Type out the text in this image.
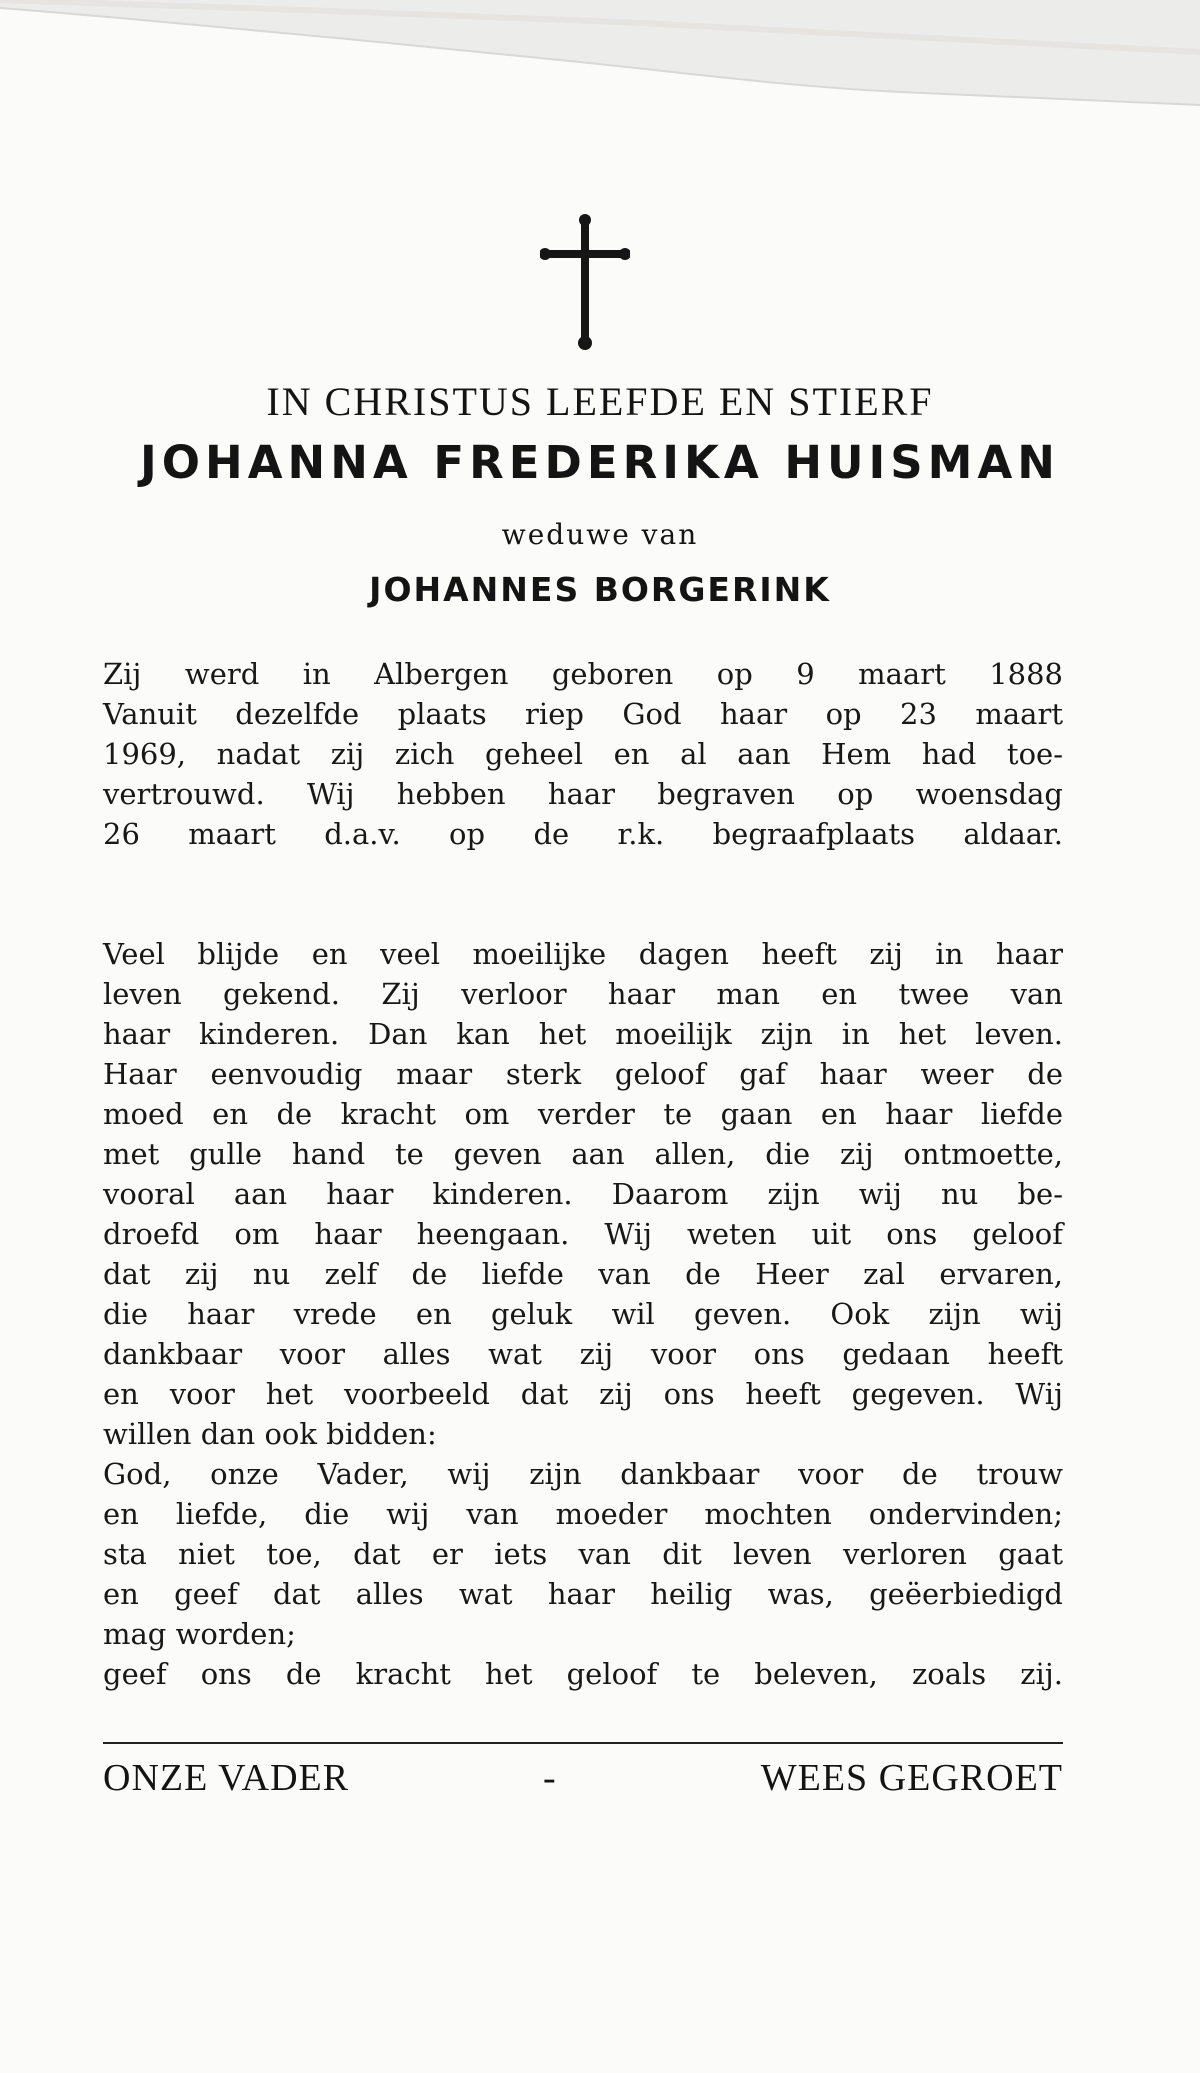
IN CHRISTUS LEEFDE EN STIERF
JOHANNA FREDERIKA HUISMAN
weduwe van
JOHANNES BORGERINK
Zij werd in Albergen geboren op 9 maart 1888
Vanuit dezelfde plaats riep God haar op 23 maart
1969, nadat zij zich geheel en al aan Hem had toe-
vertrouwd. Wij hebben haar begraven op woensdag
26 maart d.a.v. op de r.k. begraafplaats aldaar.
Veel blijde en veel moeilijke dagen heeft zij in haar
leven gekend. Zij verloor haar man en twee van
haar kinderen. Dan kan het moeilijk zijn in het leven.
Haar eenvoudig maar sterk geloof gaf haar weer de
moed en de kracht om verder te gaan en haar liefde
met gulle hand te geven aan allen, die zij ontmoette,
vooral aan haar kinderen. Daarom zijn wij nu be-
droefd om haar heengaan. Wij weten uit ons geloof
dat zij nu zelf de liefde van de Heer zal ervaren,
die haar vrede en geluk wil geven. Ook zijn wij
dankbaar voor alles wat zij voor ons gedaan heeft
en voor het voorbeeld dat zij ons heeft gegeven. Wij
willen dan ook bidden:
God, onze Vader, wij zijn dankbaar voor de trouw
en liefde, die wij van moeder mochten ondervinden;
sta niet toe, dat er iets van dit leven verloren gaat
en geef dat alles wat haar heilig was, geëerbiedigd
mag worden;
geef ons de kracht het geloof te beleven, zoals zij.
ONZE VADER	-	WEES GEGROET
